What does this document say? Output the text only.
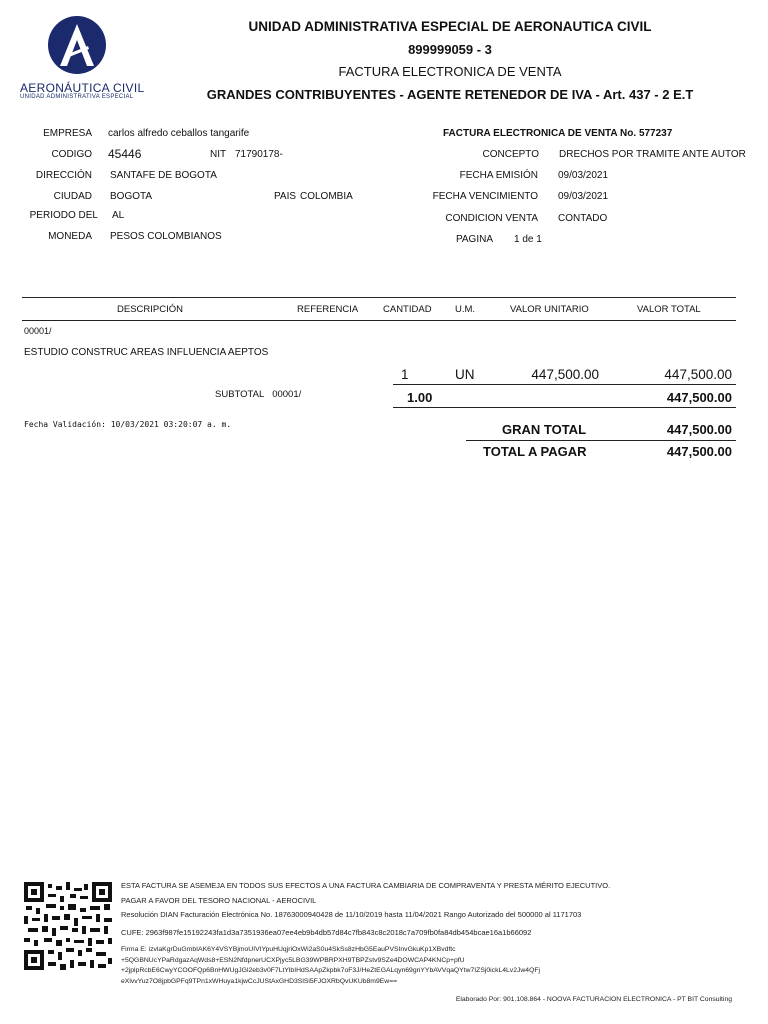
AERONÁUTICA CIVIL
UNIDAD ADMINISTRATIVA ESPECIAL
UNIDAD ADMINISTRATIVA ESPECIAL DE AERONAUTICA CIVIL
899999059 - 3
FACTURA ELECTRONICA DE VENTA
GRANDES CONTRIBUYENTES - AGENTE RETENEDOR DE IVA - Art. 437 - 2 E.T
EMPRESA carlos alfredo ceballos tangarife
CODIGO 45446	NIT 71790178-
DIRECCIÓN SANTAFE DE BOGOTA
CIUDAD BOGOTA	PAIS COLOMBIA
PERIODO DEL AL
MONEDA PESOS COLOMBIANOS
FACTURA ELECTRONICA DE VENTA No. 577237
CONCEPTO DRECHOS POR TRAMITE ANTE AUTOR
FECHA EMISIÓN 09/03/2021
FECHA VENCIMIENTO 09/03/2021
CONDICION VENTA CONTADO
PAGINA 1 de 1
DESCRIPCIÓN	REFERENCIA	CANTIDAD U.M.	VALOR UNITARIO	VALOR TOTAL
00001/
ESTUDIO CONSTRUC AREAS INFLUENCIA AEPTOS
1	UN	447,500.00	447,500.00
SUBTOTAL 00001/	1.00	447,500.00
Fecha Validación: 10/03/2021 03:20:07 a. m.	GRAN TOTAL	447,500.00
TOTAL A PAGAR	447,500.00
ESTA FACTURA SE ASEMEJA EN TODOS SUS EFECTOS A UNA FACTURA CAMBIARIA DE COMPRAVENTA Y PRESTA MÉRITO EJECUTIVO.
PAGAR A FAVOR DEL TESORO NACIONAL - AEROCIVIL
Resolución DIAN Facturación Electrónica No. 18763000940428 de 11/10/2019 hasta 11/04/2021 Rango Autorizado del 500000 al 1171703
CUFE: 2963f987fe15192243fa1d3a7351936ea07ee4eb9b4db57d84c7fb843c8c2018c7a709fb0fa84db454bcae16a1b66092
Firma E: izvlaKgrDuGmbIAK6Y4VSYBjmoUIVIYpuHUqjriOxWi2aS0u4SkSs8zHbG5EauPVSInvGkuKp1XBvdftc
+5QGBNUcYPaRdgazAqWds8+ESN2NfdpnerUCXPjyc5LBG39WPBRPXH9TBPZstv9SZe4DOWCAP4KNCp+pfU
+2jplpRcbE6CwyYCOOFQp6BnHWUgJGl2eb3v0F7LtYlbIHdSAApZkpbk7oF3J/HeZtEGALqyn69gnYYbAVVqaQYtw7IZSj0ickL4Lv2Jw4QFj
eXlvvYuz7O8jpbGPFq9TPn1xWHuya1kjwCcJUStAxGHD3SlSi5FJOXRbQvUKUb8m9Ew==
Elaborado Por: 901.108.864 - NOOVA FACTURACION ELECTRONICA - PT BIT Consulting
